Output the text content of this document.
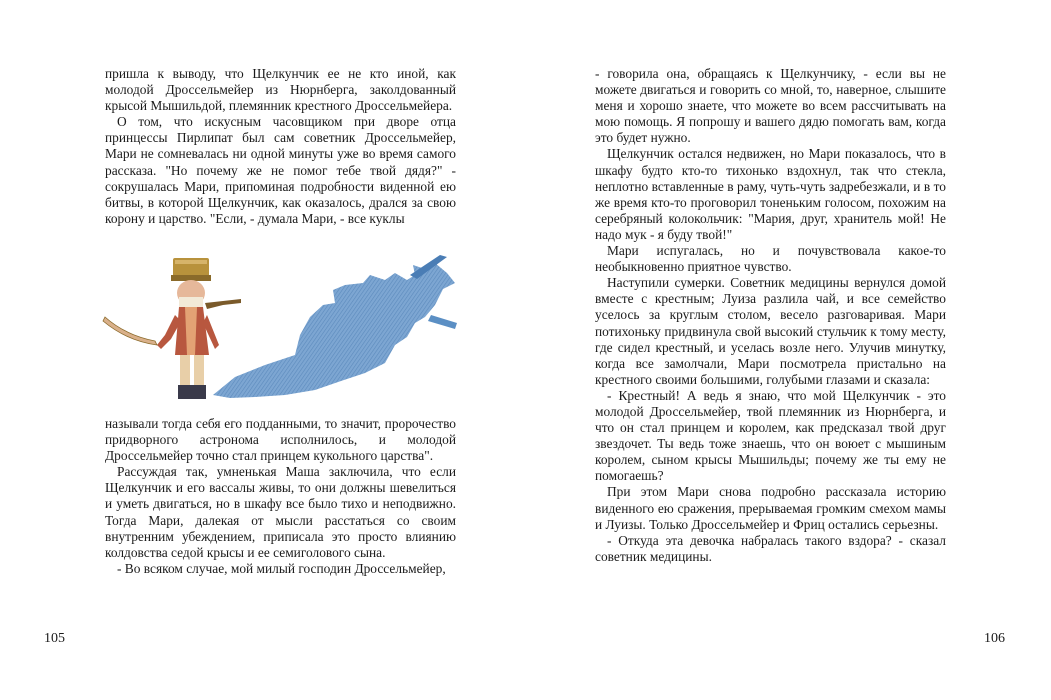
пришла к выводу, что Щелкунчик ее не кто иной, как молодой Дроссельмейер из Нюрнберга, заколдованный крысой Мышильдой, племянник крестного Дроссельмейера.

О том, что искусным часовщиком при дворе отца принцессы Пирлипат был сам советник Дроссельмейер, Мари не сомневалась ни одной минуты уже во время самого рассказа. "Но почему же не помог тебе твой дядя?" - сокрушалась Мари, припоминая подробности виденной ею битвы, в которой Щелкунчик, как оказалось, дрался за свою корону и царство. "Если, - думала Мари, - все куклы

называли тогда себя его подданными, то значит, пророчество придворного астронома исполнилось, и молодой Дроссельмейер точно стал принцем кукольного царства".

Рассуждая так, умненькая Маша заключила, что если Щелкунчик и его вассалы живы, то они должны шевелиться и уметь двигаться, но в шкафу все было тихо и неподвижно. Тогда Мари, далекая от мысли расстаться со своим внутренним убеждением, приписала это просто влиянию колдовства седой крысы и ее семиголового сына.

- Во всяком случае, мой милый господин Дроссельмейер,

105

- говорила она, обращаясь к Щелкунчику, - если вы не можете двигаться и говорить со мной, то, наверное, слышите меня и хорошо знаете, что можете во всем рассчитывать на мою помощь. Я попрошу и вашего дядю помогать вам, когда это будет нужно.

Щелкунчик остался недвижен, но Мари показалось, что в шкафу будто кто-то тихонько вздохнул, так что стекла, неплотно вставленные в раму, чуть-чуть задребезжали, и в то же время кто-то проговорил тоненьким голосом, похожим на серебряный колокольчик: "Мария, друг, хранитель мой! Не надо мук - я буду твой!"

Мари испугалась, но и почувствовала какое-то необыкновенно приятное чувство.

Наступили сумерки. Советник медицины вернулся домой вместе с крестным; Луиза разлила чай, и все семейство уселось за круглым столом, весело разговаривая. Мари потихоньку придвинула свой высокий стульчик к тому месту, где сидел крестный, и уселась возле него. Улучив минутку, когда все замолчали, Мари посмотрела пристально на крестного своими большими, голубыми глазами и сказала:

- Крестный! А ведь я знаю, что мой Щелкунчик - это молодой Дроссельмейер, твой племянник из Нюрнберга, и что он стал принцем и королем, как предсказал твой друг звездочет. Ты ведь тоже знаешь, что он воюет с мышиным королем, сыном крысы Мышильды; почему же ты ему не помогаешь?

При этом Мари снова подробно рассказала историю виденного ею сражения, прерываемая громким смехом мамы и Луизы. Только Дроссельмейер и Фриц остались серьезны.

- Откуда эта девочка набралась такого вздора? - сказал советник медицины.

106
